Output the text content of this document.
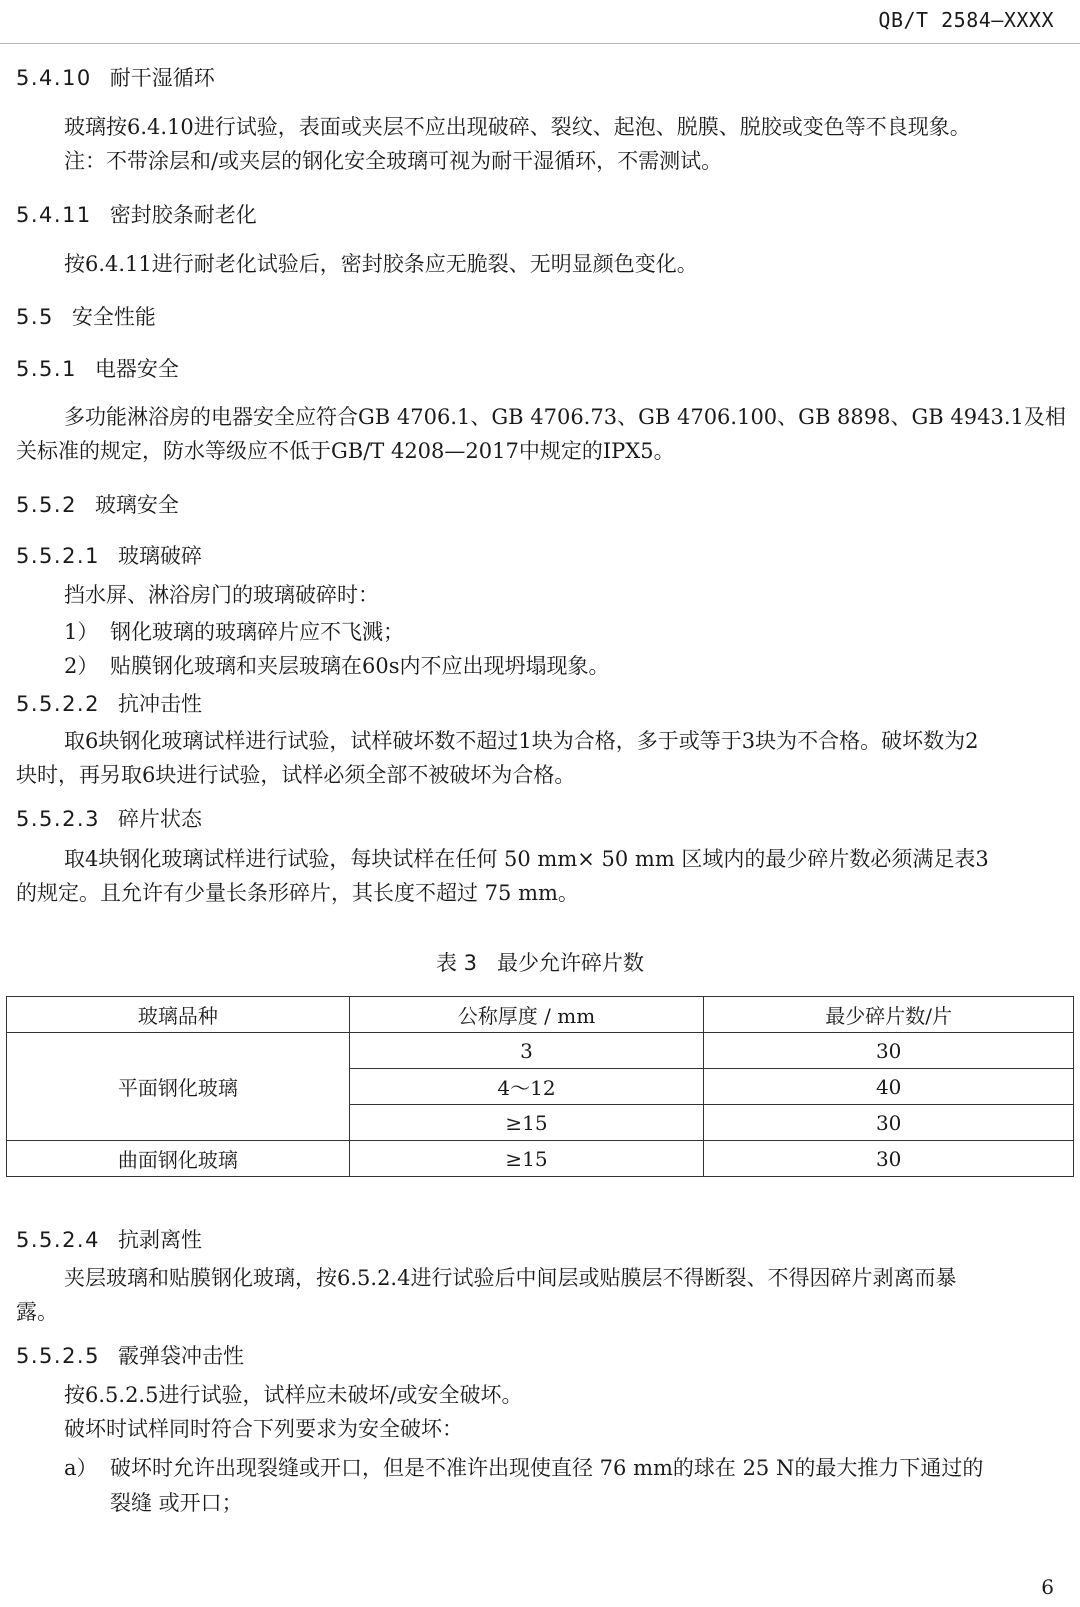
QB/T 2584—XXXX
5.4.10 耐干湿循环
玻璃按6.4.10进行试验，表面或夹层不应出现破碎、裂纹、起泡、脱膜、脱胶或变色等不良现象。
注：不带涂层和/或夹层的钢化安全玻璃可视为耐干湿循环，不需测试。
5.4.11 密封胶条耐老化
按6.4.11进行耐老化试验后，密封胶条应无脆裂、无明显颜色变化。
5.5 安全性能
5.5.1 电器安全
多功能淋浴房的电器安全应符合GB 4706.1、GB 4706.73、GB 4706.100、GB 8898、GB 4943.1及相
关标准的规定，防水等级应不低于GB/T 4208—2017中规定的IPX5。
5.5.2 玻璃安全
5.5.2.1 玻璃破碎
挡水屏、淋浴房门的玻璃破碎时：
1） 钢化玻璃的玻璃碎片应不飞溅；
2） 贴膜钢化玻璃和夹层玻璃在60s内不应出现坍塌现象。
5.5.2.2 抗冲击性
取6块钢化玻璃试样进行试验，试样破坏数不超过1块为合格，多于或等于3块为不合格。破坏数为2
块时，再另取6块进行试验，试样必须全部不被破坏为合格。
5.5.2.3 碎片状态
取4块钢化玻璃试样进行试验，每块试样在任何 50 mm× 50 mm 区域内的最少碎片数必须满足表3
的规定。且允许有少量长条形碎片，其长度不超过 75 mm。
表 3 最少允许碎片数
玻璃品种	公称厚度 / mm	最少碎片数/片
平面钢化玻璃	3	30
	4～12	40
	≥15	30
曲面钢化玻璃	≥15	30
5.5.2.4 抗剥离性
夹层玻璃和贴膜钢化玻璃，按6.5.2.4进行试验后中间层或贴膜层不得断裂、不得因碎片剥离而暴
露。
5.5.2.5 霰弹袋冲击性
按6.5.2.5进行试验，试样应未破坏/或安全破坏。
破坏时试样同时符合下列要求为安全破坏：
a） 破坏时允许出现裂缝或开口，但是不准许出现使直径 76 mm的球在 25 N的最大推力下通过的
裂缝 或开口；
6
